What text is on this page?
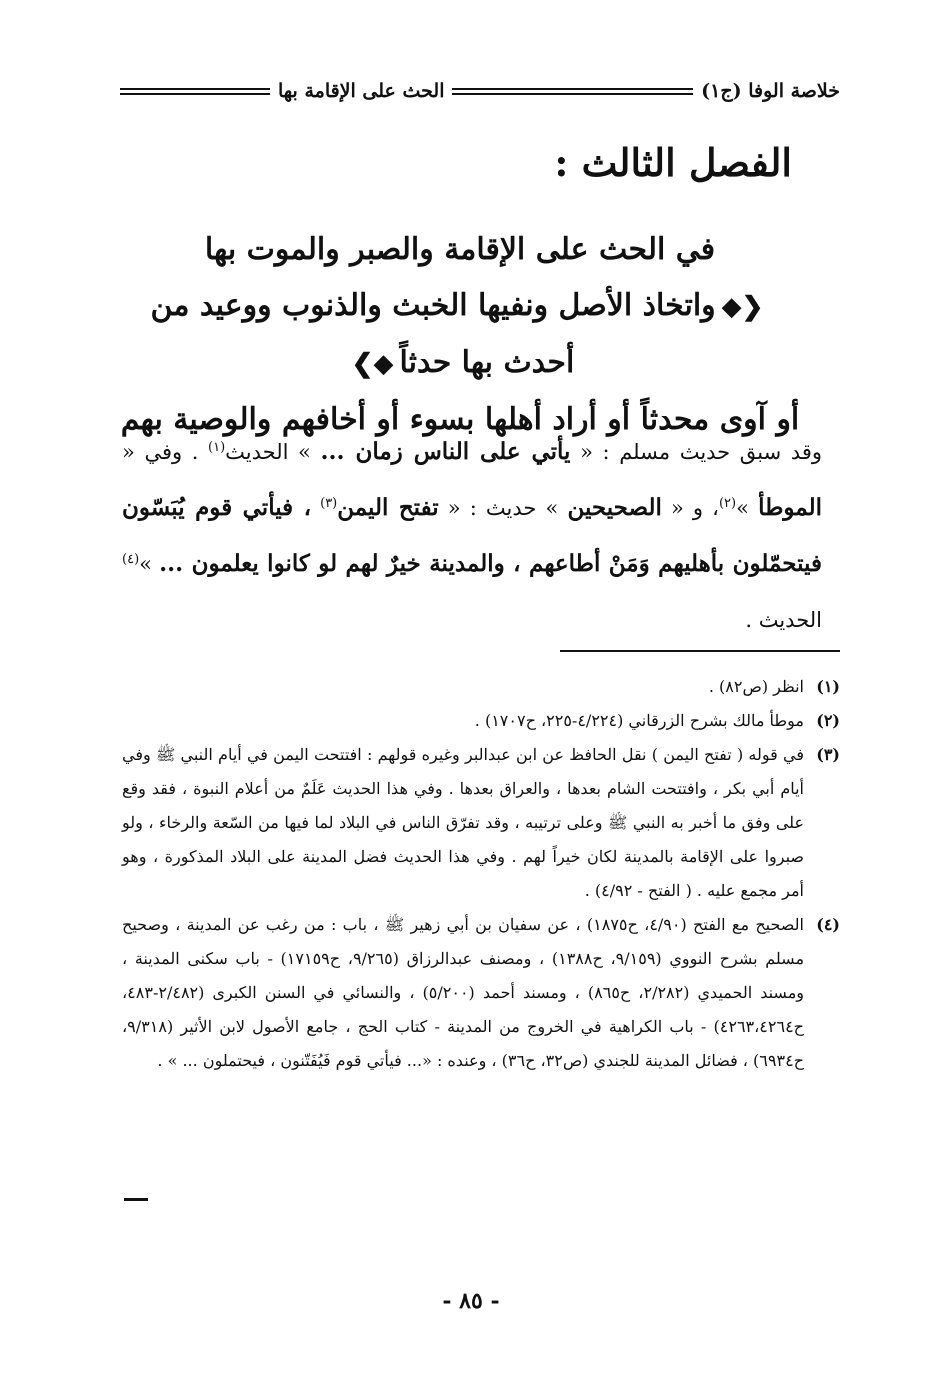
خلاصة الوفا (ج١)
الحث على الإقامة بها
الفصل الثالث :
في الحث على الإقامة والصبر والموت بها
❮◆واتخاذ الأصل ونفيها الخبث والذنوب ووعيد من أحدث بها حدثاً◆❯
أو آوى محدثاً أو أراد أهلها بسوء أو أخافهم والوصية بهم
وقد سبق حديث مسلم : « يأتي على الناس زمان ... » الحديث$^{(١)}$ . وفي « الموطأ »$^{(٢)}$، و « الصحيحين » حديث : « تفتح اليمن$^{(٣)}$ ، فيأتي قوم يُبَسّون فيتحمّلون بأهليهم وَمَنْ أطاعهم ، والمدينة خيرٌ لهم لو كانوا يعلمون ... »$^{(٤)}$ الحديث .
(١)
انظر (ص٨٢) .
(٢)
موطأ مالك بشرح الزرقاني (٤/٢٢٤-٢٢٥، ح١٧٠٧) .
(٣)
في قوله ( تفتح اليمن ) نقل الحافظ عن ابن عبدالبر وغيره قولهم : افتتحت اليمن في أيام النبي ﷺ وفي أيام أبي بكر ، وافتتحت الشام بعدها ، والعراق بعدها . وفي هذا الحديث عَلَمٌ من أعلام النبوة ، فقد وقع على وفق ما أخبر به النبي ﷺ وعلى ترتيبه ، وقد تفرّق الناس في البلاد لما فيها من السّعة والرخاء ، ولو صبروا على الإقامة بالمدينة لكان خيراً لهم . وفي هذا الحديث فضل المدينة على البلاد المذكورة ، وهو أمر مجمع عليه . ( الفتح - ٤/٩٢) .
(٤)
الصحيح مع الفتح (٤/٩٠، ح١٨٧٥) ، عن سفيان بن أبي زهير ﷺ ، باب : من رغب عن المدينة ، وصحيح مسلم بشرح النووي (٩/١٥٩، ح١٣٨٨) ، ومصنف عبدالرزاق (٩/٢٦٥، ح١٧١٥٩) - باب سكنى المدينة ، ومسند الحميدي (٢/٢٨٢، ح٨٦٥) ، ومسند أحمد (٥/٢٠٠) ، والنسائي في السنن الكبرى (٢/٤٨٢-٤٨٣، ح٤٢٦٣،٤٢٦٤) - باب الكراهية في الخروج من المدينة - كتاب الحج ، جامع الأصول لابن الأثير (٩/٣١٨، ح٦٩٣٤) ، فضائل المدينة للجندي (ص٣٢، ح٣٦) ، وعنده : «... فيأتي قوم فَيُفَتّنون ، فيحتملون ... » .
- ٨٥ -
